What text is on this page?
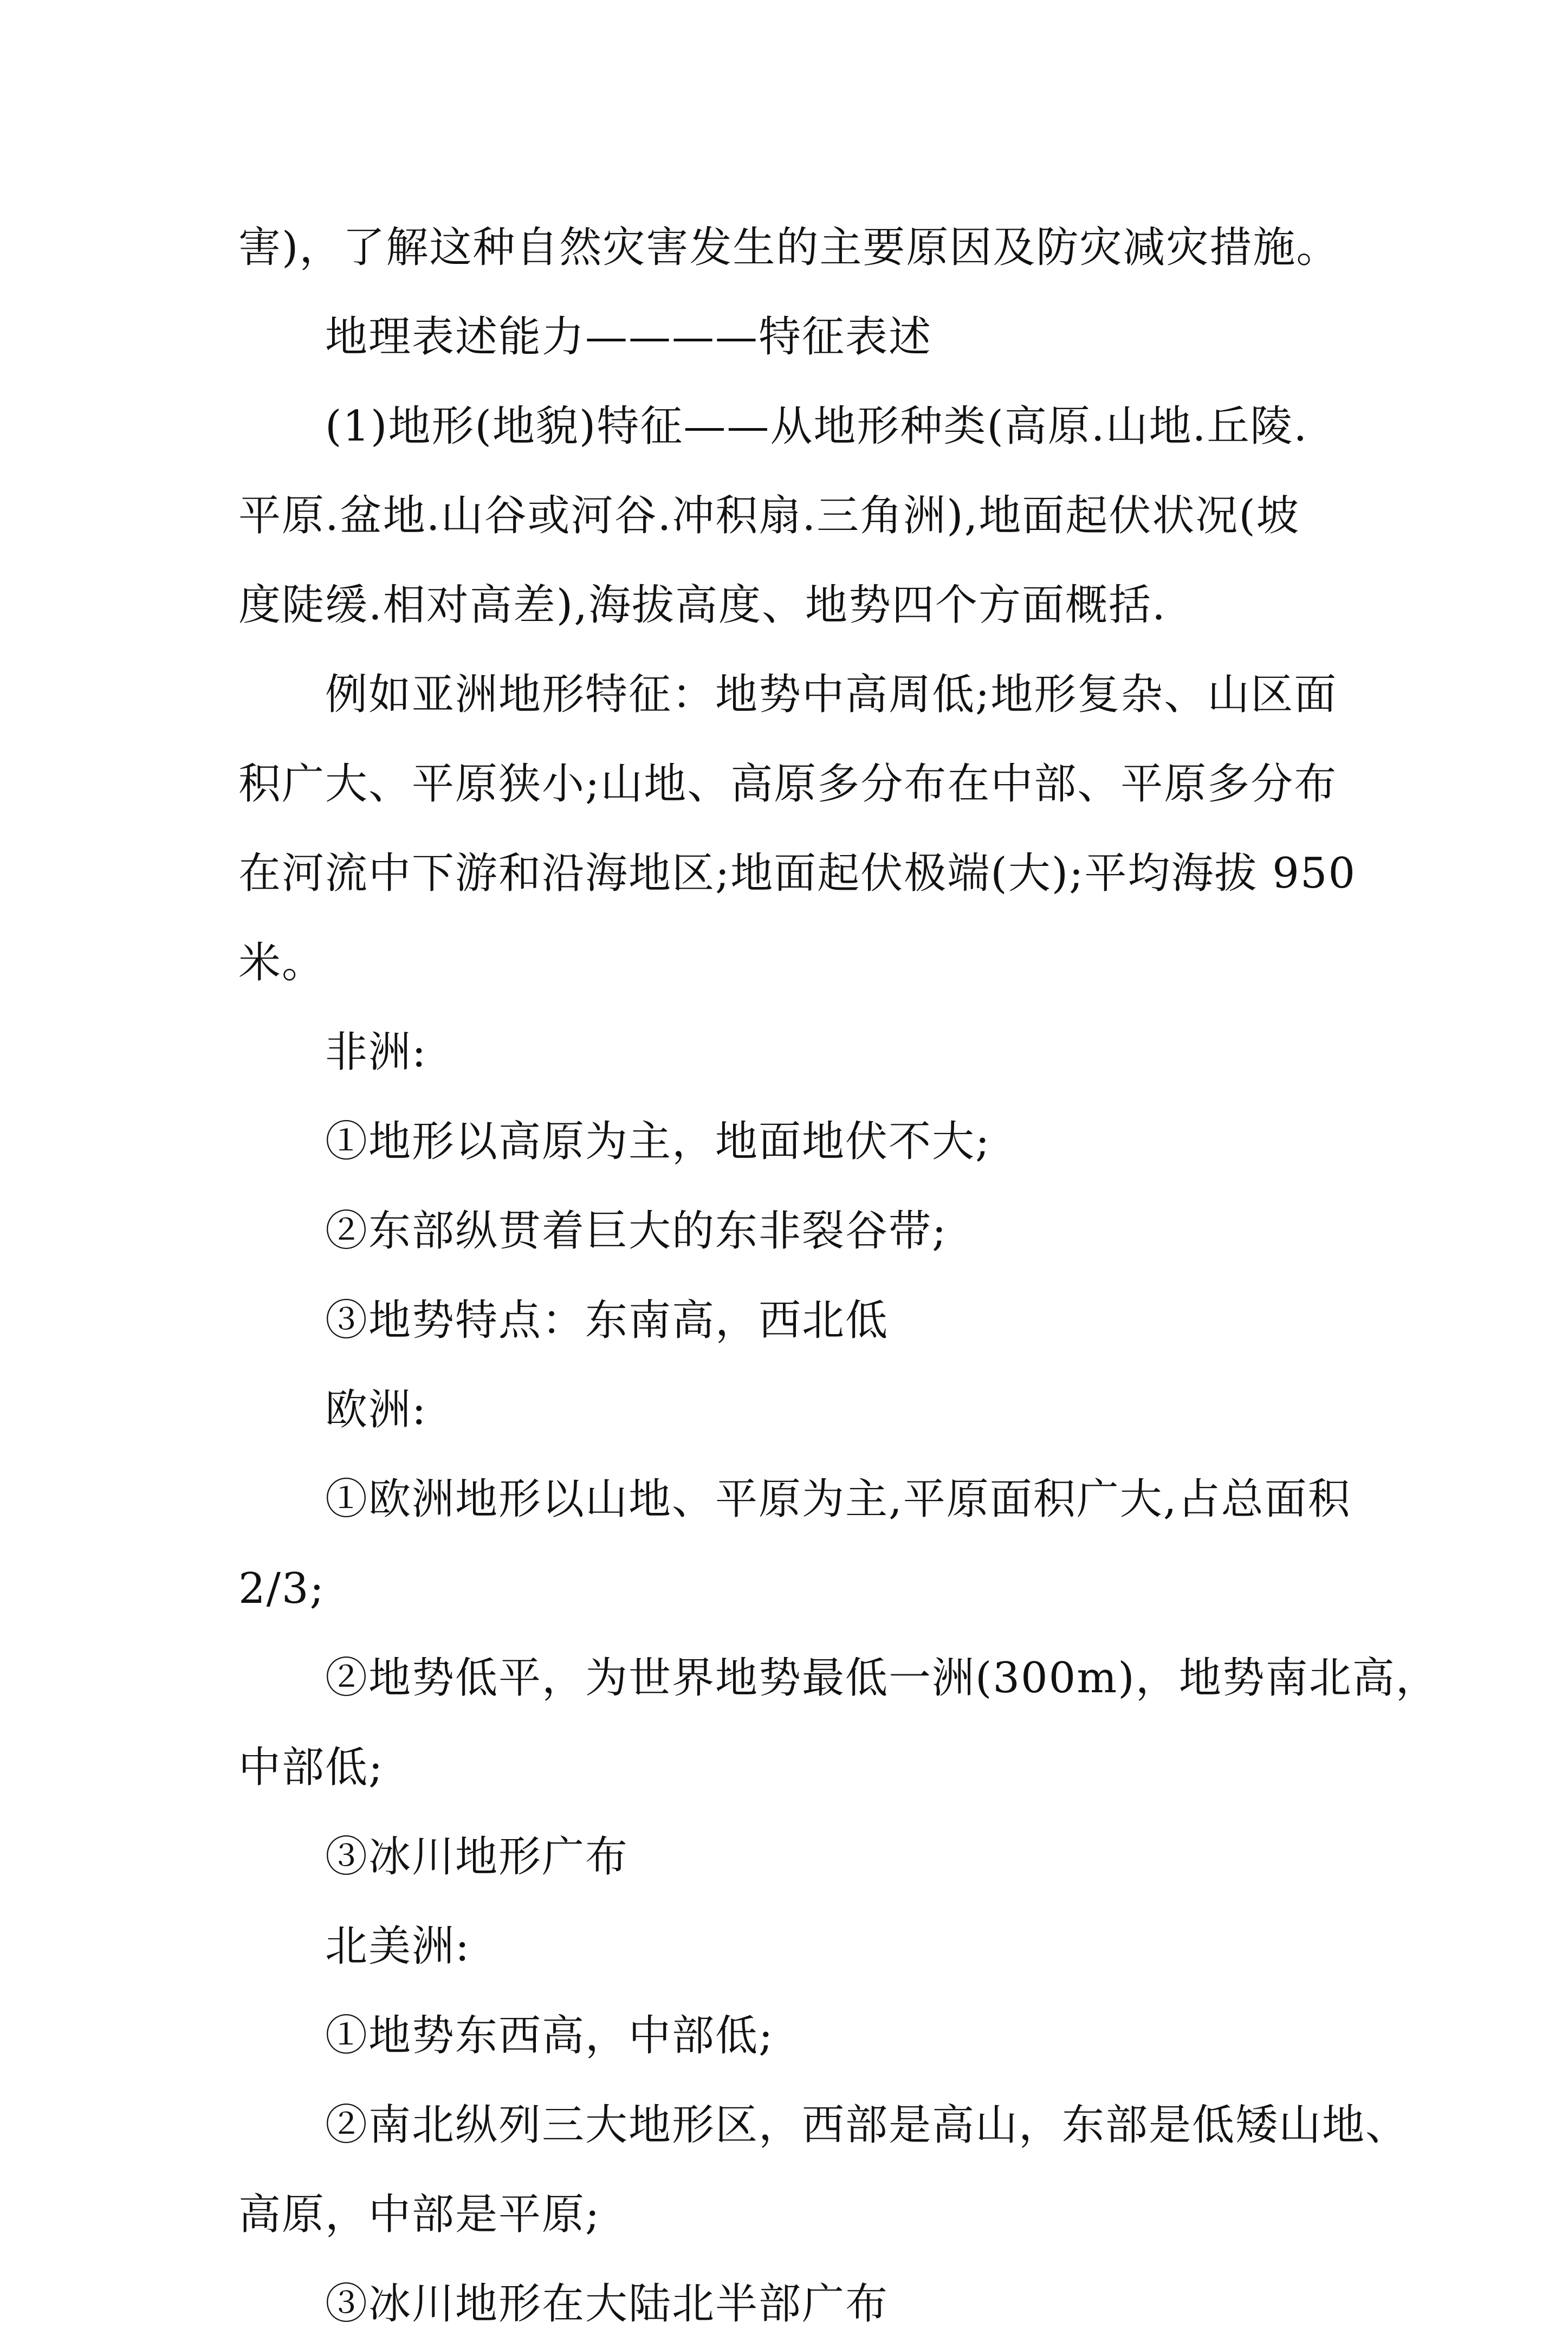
害)，了解这种自然灾害发生的主要原因及防灾减灾措施。
地理表述能力————特征表述
(1)地形(地貌)特征——从地形种类(高原.山地.丘陵.
平原.盆地.山谷或河谷.冲积扇.三角洲),地面起伏状况(坡
度陡缓.相对高差),海拔高度、地势四个方面概括.
例如亚洲地形特征：地势中高周低;地形复杂、山区面
积广大、平原狭小;山地、高原多分布在中部、平原多分布
在河流中下游和沿海地区;地面起伏极端(大);平均海拔 950
米。
非洲:
①地形以高原为主，地面地伏不大;
②东部纵贯着巨大的东非裂谷带;
③地势特点：东南高，西北低
欧洲:
①欧洲地形以山地、平原为主,平原面积广大,占总面积
2/3;
②地势低平，为世界地势最低一洲(300m)，地势南北高，
中部低;
③冰川地形广布
北美洲:
①地势东西高，中部低;
②南北纵列三大地形区，西部是高山，东部是低矮山地、
高原，中部是平原;
③冰川地形在大陆北半部广布
